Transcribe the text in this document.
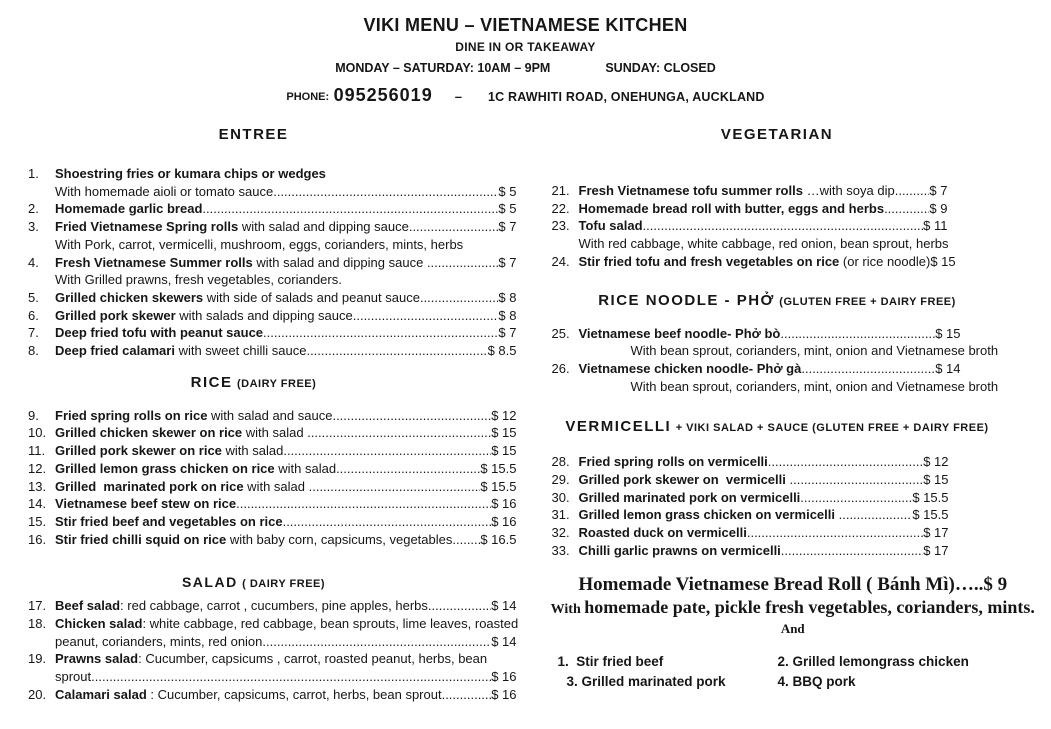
VIKI MENU – VIETNAMESE KITCHEN
DINE IN OR TAKEAWAY
MONDAY – SATURDAY: 10AM – 9PM	SUNDAY: CLOSED
PHONE: 095256019 – 1C RAWHITI ROAD, ONEHUNGA, AUCKLAND
ENTREE
1.	Shoestring fries or kumara chips or wedges
With homemade aioli or tomato sauce .....	$ 5
2.	Homemade garlic bread .....	$ 5
3.	Fried Vietnamese Spring rolls with salad and dipping sauce .....	$ 7
With Pork, carrot, vermicelli, mushroom, eggs, corianders, mints, herbs
4.	Fresh Vietnamese Summer rolls with salad and dipping sauce .....	$ 7
With Grilled prawns, fresh vegetables, corianders.
5.	Grilled chicken skewers with side of salads and peanut sauce .....	$ 8
6.	Grilled pork skewer with salads and dipping sauce .....	$ 8
7.	Deep fried tofu with peanut sauce .....	$ 7
8.	Deep fried calamari with sweet chilli sauce .....	$ 8.5
RICE (DAIRY FREE)
9.	Fried spring rolls on rice with salad and sauce .....	$ 12
10. Grilled chicken skewer on rice with salad .....	$ 15
11. Grilled pork skewer on rice with salad .....	$ 15
12. Grilled lemon grass chicken on rice with salad .....	$ 15.5
13. Grilled  marinated pork on rice with salad .....	$ 15.5
14. Vietnamese beef stew on rice .....	$ 16
15. Stir fried beef and vegetables on rice .....	$ 16
16. Stir fried chilli squid on rice with baby corn, capsicums, vegetables ..... $ 16.5
SALAD ( DAIRY FREE)
17. Beef salad: red cabbage, carrot , cucumbers, pine apples, herbs .....	$ 14
18. Chicken salad: white cabbage, red cabbage, bean sprouts, lime leaves, roasted
peanut, corianders, mints, red onion .....	$ 14
19. Prawns salad: Cucumber, capsicums , carrot, roasted peanut, herbs, bean
sprout .....	$ 16
20. Calamari salad : Cucumber, capsicums, carrot, herbs, bean sprout .....	$ 16
VEGETARIAN
21. Fresh Vietnamese tofu summer rolls …with soya dip .....	$ 7
22. Homemade bread roll with butter, eggs and herbs .....	$ 9
23. Tofu salad .....	$ 11
With red cabbage, white cabbage, red onion, bean sprout, herbs
24. Stir fried tofu and fresh vegetables on rice (or rice noodle) $ 15
RICE NOODLE - PHỞ (GLUTEN FREE + DAIRY FREE)
25. Vietnamese beef noodle- Phở bò .....	$ 15
With bean sprout, corianders, mint, onion and Vietnamese broth
26. Vietnamese chicken noodle- Phở gà .....	$ 14
With bean sprout, corianders, mint, onion and Vietnamese broth
VERMICELLI + VIKI SALAD + SAUCE (GLUTEN FREE + DAIRY FREE)
28. Fried spring rolls on vermicelli .....	$ 12
29. Grilled pork skewer on  vermicelli .....	$ 15
30. Grilled marinated pork on vermicelli .....	$ 15.5
31. Grilled lemon grass chicken on vermicelli .....	$ 15.5
32. Roasted duck on vermicelli .....	$ 17
33. Chilli garlic prawns on vermicelli .....	$ 17
Homemade Vietnamese Bread Roll ( Bánh Mì)…..$ 9
With homemade pate, pickle fresh vegetables, corianders, mints.
And
1.  Stir fried beef	2. Grilled lemongrass chicken
3. Grilled marinated pork	4. BBQ pork
